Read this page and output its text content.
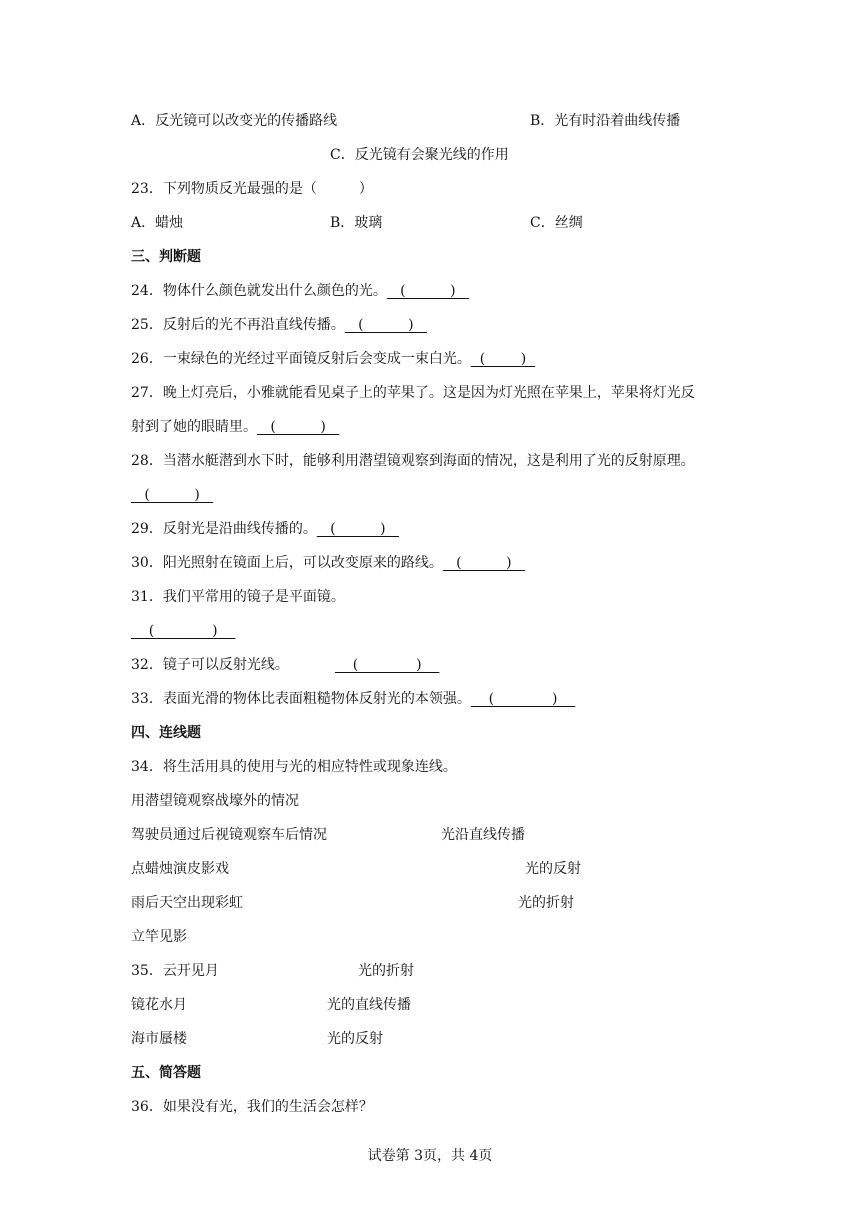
A．反光镜可以改变光的传播路线	B．光有时沿着曲线传播
C．反光镜有会聚光线的作用
23．下列物质反光最强的是（　　　）
A．蜡烛	B．玻璃	C．丝绸
三、判断题
24．物体什么颜色就发出什么颜色的光。   (          )
25．反射后的光不再沿直线传播。   (          )
26．一束绿色的光经过平面镜反射后会变成一束白光。  (        )
27．晚上灯亮后，小雅就能看见桌子上的苹果了。这是因为灯光照在苹果上，苹果将灯光反
射到了她的眼睛里。   (          )
28．当潜水艇潜到水下时，能够利用潜望镜观察到海面的情况，这是利用了光的反射原理。
(          )
29．反射光是沿曲线传播的。   (          )
30．阳光照射在镜面上后，可以改变原来的路线。   (          )
31．我们平常用的镜子是平面镜。
(             )
32．镜子可以反射光线。	(             )
33．表面光滑的物体比表面粗糙物体反射光的本领强。    (             )
四、连线题
34．将生活用具的使用与光的相应特性或现象连线。
用潜望镜观察战壕外的情况
驾驶员通过后视镜观察车后情况	光沿直线传播
点蜡烛演皮影戏	光的反射
雨后天空出现彩虹	光的折射
立竿见影
35．云开见月	光的折射
镜花水月	光的直线传播
海市蜃楼	光的反射
五、简答题
36．如果没有光，我们的生活会怎样？
试卷第 3页，共 4页
